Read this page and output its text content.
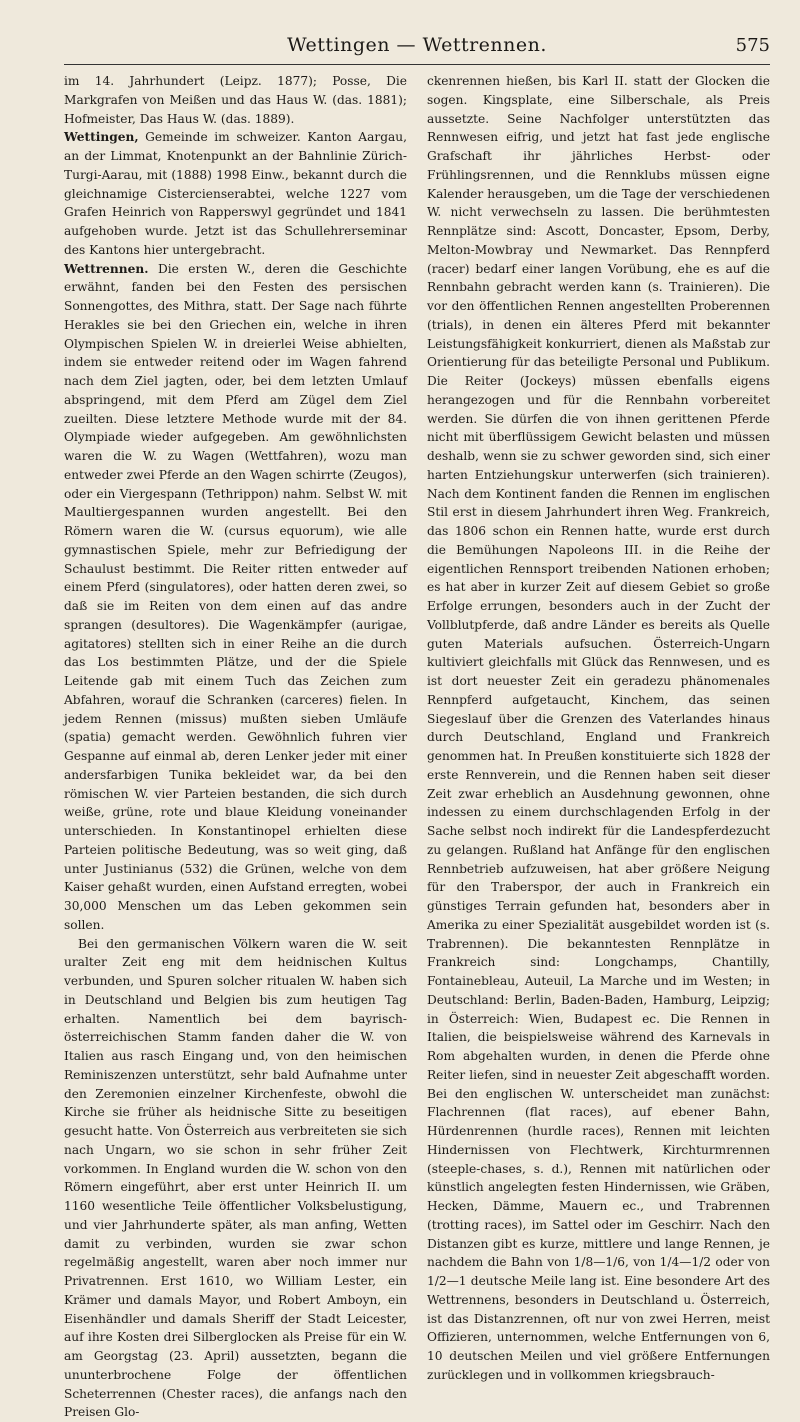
Wettingen — Wettrennen.	575

im 14. Jahrhundert (Leipz. 1877); Posse, Die Markgrafen von Meißen und das Haus W. (das. 1881); Hofmeister, Das Haus W. (das. 1889).

Wettingen, Gemeinde im schweizer. Kanton Aargau, an der Limmat, Knotenpunkt an der Bahnlinie Zürich-Turgi-Aarau, mit (1888) 1998 Einw., bekannt durch die gleichnamige Cistercienserabtei, welche 1227 vom Grafen Heinrich von Rapperswyl gegründet und 1841 aufgehoben wurde. Jetzt ist das Schullehrerseminar des Kantons hier untergebracht.

Wettrennen. Die ersten W., deren die Geschichte erwähnt, fanden bei den Festen des persischen Sonnengottes, des Mithra, statt. Der Sage nach führte Herakles sie bei den Griechen ein, welche in ihren Olympischen Spielen W. in dreierlei Weise abhielten, indem sie entweder reitend oder im Wagen fahrend nach dem Ziel jagten, oder, bei dem letzten Umlauf abspringend, mit dem Pferd am Zügel dem Ziel zueilten. Diese letztere Methode wurde mit der 84. Olympiade wieder aufgegeben. Am gewöhnlichsten waren die W. zu Wagen (Wettfahren), wozu man entweder zwei Pferde an den Wagen schirrte (Zeugos), oder ein Viergespann (Tethrippon) nahm. Selbst W. mit Maultiergespannen wurden angestellt. Bei den Römern waren die W. (cursus equorum), wie alle gymnastischen Spiele, mehr zur Befriedigung der Schaulust bestimmt. Die Reiter ritten entweder auf einem Pferd (singulatores), oder hatten deren zwei, so daß sie im Reiten von dem einen auf das andre sprangen (desultores). Die Wagenkämpfer (aurigae, agitatores) stellten sich in einer Reihe an die durch das Los bestimmten Plätze, und der die Spiele Leitende gab mit einem Tuch das Zeichen zum Abfahren, worauf die Schranken (carceres) fielen. In jedem Rennen (missus) mußten sieben Umläufe (spatia) gemacht werden. Gewöhnlich fuhren vier Gespanne auf einmal ab, deren Lenker jeder mit einer andersfarbigen Tunika bekleidet war, da bei den römischen W. vier Parteien bestanden, die sich durch weiße, grüne, rote und blaue Kleidung voneinander unterschieden. In Konstantinopel erhielten diese Parteien politische Bedeutung, was so weit ging, daß unter Justinianus (532) die Grünen, welche von dem Kaiser gehaßt wurden, einen Aufstand erregten, wobei 30,000 Menschen um das Leben gekommen sein sollen.

Bei den germanischen Völkern waren die W. seit uralter Zeit eng mit dem heidnischen Kultus verbunden, und Spuren solcher ritualen W. haben sich in Deutschland und Belgien bis zum heutigen Tag erhalten. Namentlich bei dem bayrisch-österreichischen Stamm fanden daher die W. von Italien aus rasch Eingang und, von den heimischen Reminiszenzen unterstützt, sehr bald Aufnahme unter den Zeremonien einzelner Kirchenfeste, obwohl die Kirche sie früher als heidnische Sitte zu beseitigen gesucht hatte. Von Österreich aus verbreiteten sie sich nach Ungarn, wo sie schon in sehr früher Zeit vorkommen. In England wurden die W. schon von den Römern eingeführt, aber erst unter Heinrich II. um 1160 wesentliche Teile öffentlicher Volksbelustigung, und vier Jahrhunderte später, als man anfing, Wetten damit zu verbinden, wurden sie zwar schon regelmäßig angestellt, waren aber noch immer nur Privatrennen. Erst 1610, wo William Lester, ein Krämer und damals Mayor, und Robert Amboyn, ein Eisenhändler und damals Sheriff der Stadt Leicester, auf ihre Kosten drei Silberglocken als Preise für ein W. am Georgstag (23. April) aussetzten, begann die ununterbrochene Folge der öffentlichen Scheterrennen (Chester races), die anfangs nach den Preisen Glo-

ckenrennen hießen, bis Karl II. statt der Glocken die sogen. Kingsplate, eine Silberschale, als Preis aussetzte. Seine Nachfolger unterstützten das Rennwesen eifrig, und jetzt hat fast jede englische Grafschaft ihr jährliches Herbst- oder Frühlingsrennen, und die Rennklubs müssen eigne Kalender herausgeben, um die Tage der verschiedenen W. nicht verwechseln zu lassen. Die berühmtesten Rennplätze sind: Ascott, Doncaster, Epsom, Derby, Melton-Mowbray und Newmarket. Das Rennpferd (racer) bedarf einer langen Vorübung, ehe es auf die Rennbahn gebracht werden kann (s. Trainieren). Die vor den öffentlichen Rennen angestellten Proberennen (trials), in denen ein älteres Pferd mit bekannter Leistungsfähigkeit konkurriert, dienen als Maßstab zur Orientierung für das beteiligte Personal und Publikum. Die Reiter (Jockeys) müssen ebenfalls eigens herangezogen und für die Rennbahn vorbereitet werden. Sie dürfen die von ihnen gerittenen Pferde nicht mit überflüssigem Gewicht belasten und müssen deshalb, wenn sie zu schwer geworden sind, sich einer harten Entziehungskur unterwerfen (sich trainieren). Nach dem Kontinent fanden die Rennen im englischen Stil erst in diesem Jahrhundert ihren Weg. Frankreich, das 1806 schon ein Rennen hatte, wurde erst durch die Bemühungen Napoleons III. in die Reihe der eigentlichen Rennsport treibenden Nationen erhoben; es hat aber in kurzer Zeit auf diesem Gebiet so große Erfolge errungen, besonders auch in der Zucht der Vollblutpferde, daß andre Länder es bereits als Quelle guten Materials aufsuchen. Österreich-Ungarn kultiviert gleichfalls mit Glück das Rennwesen, und es ist dort neuester Zeit ein geradezu phänomenales Rennpferd aufgetaucht, Kinchem, das seinen Siegeslauf über die Grenzen des Vaterlandes hinaus durch Deutschland, England und Frankreich genommen hat. In Preußen konstituierte sich 1828 der erste Rennverein, und die Rennen haben seit dieser Zeit zwar erheblich an Ausdehnung gewonnen, ohne indessen zu einem durchschlagenden Erfolg in der Sache selbst noch indirekt für die Landespferdezucht zu gelangen. Rußland hat Anfänge für den englischen Rennbetrieb aufzuweisen, hat aber größere Neigung für den Traberspor, der auch in Frankreich ein günstiges Terrain gefunden hat, besonders aber in Amerika zu einer Spezialität ausgebildet worden ist (s. Trabrennen). Die bekanntesten Rennplätze in Frankreich sind: Longchamps, Chantilly, Fontainebleau, Auteuil, La Marche und im Westen; in Deutschland: Berlin, Baden-Baden, Hamburg, Leipzig; in Österreich: Wien, Budapest ec. Die Rennen in Italien, die beispielsweise während des Karnevals in Rom abgehalten wurden, in denen die Pferde ohne Reiter liefen, sind in neuester Zeit abgeschafft worden. Bei den englischen W. unterscheidet man zunächst: Flachrennen (flat races), auf ebener Bahn, Hürdenrennen (hurdle races), Rennen mit leichten Hindernissen von Flechtwerk, Kirchturmrennen (steeple-chases, s. d.), Rennen mit natürlichen oder künstlich angelegten festen Hindernissen, wie Gräben, Hecken, Dämme, Mauern ec., und Trabrennen (trotting races), im Sattel oder im Geschirr. Nach den Distanzen gibt es kurze, mittlere und lange Rennen, je nachdem die Bahn von 1/8—1/6, von 1/4—1/2 oder von 1/2—1 deutsche Meile lang ist. Eine besondere Art des Wettrennens, besonders in Deutschland u. Österreich, ist das Distanzrennen, oft nur von zwei Herren, meist Offizieren, unternommen, welche Entfernungen von 6, 10 deutschen Meilen und viel größere Entfernungen zurücklegen und in vollkommen kriegsbrauch-
